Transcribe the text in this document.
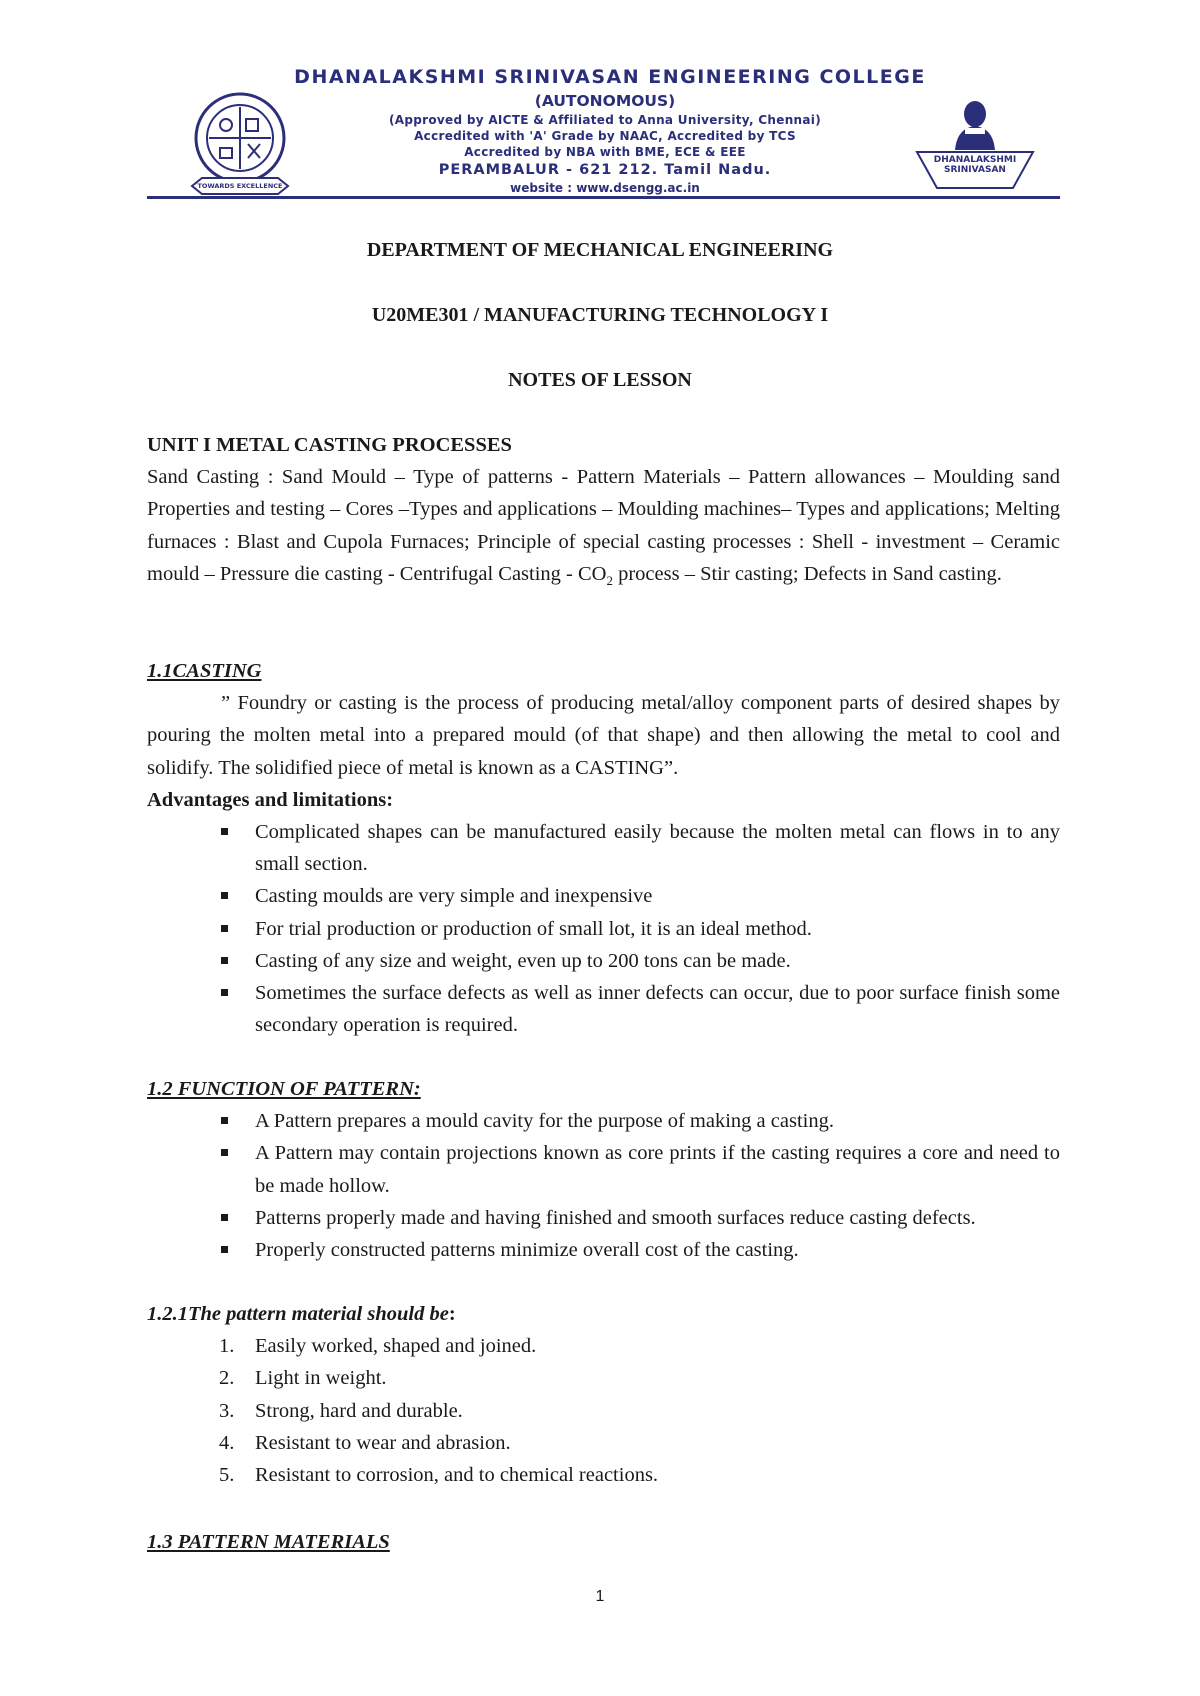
TOWARDS EXCELLENCE
DHANALAKSHMI SRINIVASAN
DHANALAKSHMI SRINIVASAN ENGINEERING COLLEGE
(AUTONOMOUS)
(Approved by AICTE & Affiliated to Anna University, Chennai)
Accredited with 'A' Grade by NAAC, Accredited by TCS
Accredited by NBA with BME, ECE & EEE
PERAMBALUR - 621 212. Tamil Nadu.
website : www.dsengg.ac.in
DEPARTMENT OF MECHANICAL ENGINEERING
U20ME301 / MANUFACTURING TECHNOLOGY I
NOTES OF LESSON
UNIT I METAL CASTING PROCESSES
Sand Casting : Sand Mould – Type of patterns - Pattern Materials – Pattern allowances – Moulding sand Properties and testing – Cores –Types and applications – Moulding machines– Types and applications; Melting furnaces : Blast and Cupola Furnaces; Principle of special casting processes : Shell - investment – Ceramic mould – Pressure die casting - Centrifugal Casting - $CO_2$ process – Stir casting; Defects in Sand casting.
1.1CASTING
” Foundry or casting is the process of producing metal/alloy component parts of desired shapes by pouring the molten metal into a prepared mould (of that shape) and then allowing the metal to cool and solidify. The solidified piece of metal is known as a CASTING”.
Advantages and limitations:
Complicated shapes can be manufactured easily because the molten metal can flows in to any small section.
Casting moulds are very simple and inexpensive
For trial production or production of small lot, it is an ideal method.
Casting of any size and weight, even up to 200 tons can be made.
Sometimes the surface defects as well as inner defects can occur, due to poor surface finish some secondary operation is required.
1.2 FUNCTION OF PATTERN:
A Pattern prepares a mould cavity for the purpose of making a casting.
A Pattern may contain projections known as core prints if the casting requires a core and need to be made hollow.
Patterns properly made and having finished and smooth surfaces reduce casting defects.
Properly constructed patterns minimize overall cost of the casting.
1.2.1The pattern material should be:
1. Easily worked, shaped and joined.
2. Light in weight.
3. Strong, hard and durable.
4. Resistant to wear and abrasion.
5. Resistant to corrosion, and to chemical reactions.
1.3 PATTERN MATERIALS
1
